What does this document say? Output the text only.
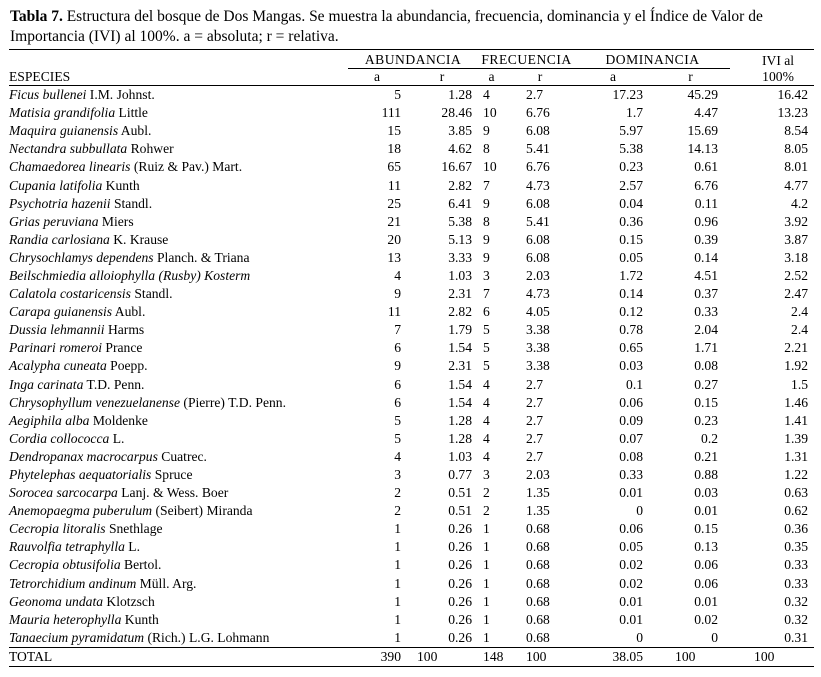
Tabla 7. Estructura del bosque de Dos Mangas. Se muestra la abundancia, frecuencia, dominancia y el Índice de Valor de Importancia (IVI) al 100%. a = absoluta; r = relativa.
ESPECIES	ABUNDANCIA		FRECUENCIA		DOMINANCIA			IVI al
100%
	a	r	a	r	a	r		
Ficus bullenei I.M. Johnst.	5	1.28	4	2.7	17.23	45.29		16.42
Matisia grandifolia Little	111	28.46	10	6.76	1.7	4.47		13.23
Maquira guianensis Aubl.	15	3.85	9	6.08	5.97	15.69		8.54
Nectandra subbullata Rohwer	18	4.62	8	5.41	5.38	14.13		8.05
Chamaedorea linearis (Ruiz & Pav.) Mart.	65	16.67	10	6.76	0.23	0.61		8.01
Cupania latifolia Kunth	11	2.82	7	4.73	2.57	6.76		4.77
Psychotria hazenii Standl.	25	6.41	9	6.08	0.04	0.11		4.2
Grias peruviana Miers	21	5.38	8	5.41	0.36	0.96		3.92
Randia carlosiana K. Krause	20	5.13	9	6.08	0.15	0.39		3.87
Chrysochlamys dependens Planch. & Triana	13	3.33	9	6.08	0.05	0.14		3.18
Beilschmiedia alloiophylla (Rusby) Kosterm	4	1.03	3	2.03	1.72	4.51		2.52
Calatola costaricensis Standl.	9	2.31	7	4.73	0.14	0.37		2.47
Carapa guianensis Aubl.	11	2.82	6	4.05	0.12	0.33		2.4
Dussia lehmannii Harms	7	1.79	5	3.38	0.78	2.04		2.4
Parinari romeroi Prance	6	1.54	5	3.38	0.65	1.71		2.21
Acalypha cuneata Poepp.	9	2.31	5	3.38	0.03	0.08		1.92
Inga carinata T.D. Penn.	6	1.54	4	2.7	0.1	0.27		1.5
Chrysophyllum venezuelanense (Pierre) T.D. Penn.	6	1.54	4	2.7	0.06	0.15		1.46
Aegiphila alba Moldenke	5	1.28	4	2.7	0.09	0.23		1.41
Cordia collococca L.	5	1.28	4	2.7	0.07	0.2		1.39
Dendropanax macrocarpus Cuatrec.	4	1.03	4	2.7	0.08	0.21		1.31
Phytelephas aequatorialis Spruce	3	0.77	3	2.03	0.33	0.88		1.22
Sorocea sarcocarpa Lanj. & Wess. Boer	2	0.51	2	1.35	0.01	0.03		0.63
Anemopaegma puberulum (Seibert) Miranda	2	0.51	2	1.35	0	0.01		0.62
Cecropia litoralis Snethlage	1	0.26	1	0.68	0.06	0.15		0.36
Rauvolfia tetraphylla L.	1	0.26	1	0.68	0.05	0.13		0.35
Cecropia obtusifolia Bertol.	1	0.26	1	0.68	0.02	0.06		0.33
Tetrorchidium andinum Müll. Arg.	1	0.26	1	0.68	0.02	0.06		0.33
Geonoma undata Klotzsch	1	0.26	1	0.68	0.01	0.01		0.32
Mauria heterophylla Kunth	1	0.26	1	0.68	0.01	0.02		0.32
Tanaecium pyramidatum (Rich.) L.G. Lohmann	1	0.26	1	0.68	0	0		0.31
TOTAL	390	100	148	100	38.05	100		100
